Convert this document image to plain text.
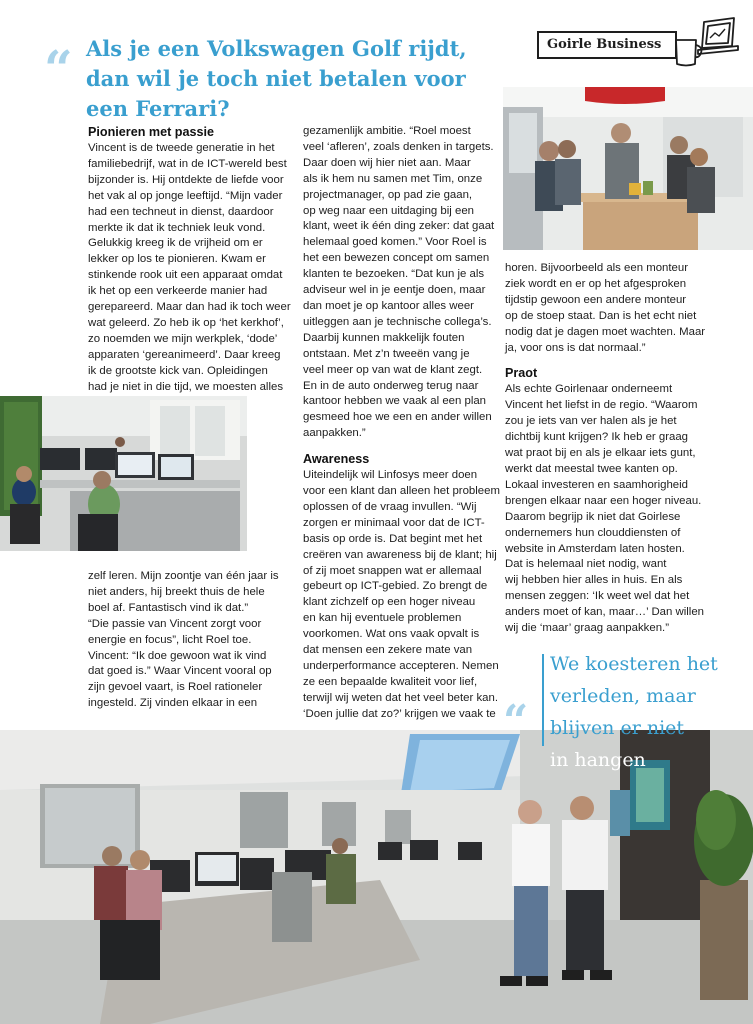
“ Als je een Volkswagen Golf rijdt, dan wil je toch niet betalen voor een Ferrari?
Goirle Business
Pionieren met passie

Vincent is de tweede generatie in het
familiebedrijf, wat in de ICT-wereld best
bijzonder is. Hij ontdekte de liefde voor
het vak al op jonge leeftijd. “Mijn vader
had een techneut in dienst, daardoor
merkte ik dat ik techniek leuk vond.
Gelukkig kreeg ik de vrijheid om er
lekker op los te pionieren. Kwam er
stinkende rook uit een apparaat omdat
ik het op een verkeerde manier had
gerepareerd. Maar dan had ik toch weer
wat geleerd. Zo heb ik op ‘het kerkhof’,
zo noemden we mijn werkplek, ‘dode’
apparaten ‘gereanimeerd’. Daar kreeg
ik de grootste kick van. Opleidingen
had je niet in die tijd, we moesten alles

zelf leren. Mijn zoontje van één jaar is
niet anders, hij breekt thuis de hele
boel af. Fantastisch vind ik dat.”
“Die passie van Vincent zorgt voor
energie en focus”, licht Roel toe.
Vincent: “Ik doe gewoon wat ik vind
dat goed is.” Waar Vincent vooral op
zijn gevoel vaart, is Roel rationeler
ingesteld. Zij vinden elkaar in een

gezamenlijk ambitie. “Roel moest
veel ‘afleren’, zoals denken in targets.
Daar doen wij hier niet aan. Maar
als ik hem nu samen met Tim, onze
projectmanager, op pad zie gaan,
op weg naar een uitdaging bij een
klant, weet ik één ding zeker: dat gaat
helemaal goed komen.” Voor Roel is
het een bewezen concept om samen
klanten te bezoeken. “Dat kun je als
adviseur wel in je eentje doen, maar
dan moet je op kantoor alles weer
uitleggen aan je technische collega’s.
Daarbij kunnen makkelijk fouten
ontstaan. Met z’n tweeën vang je
veel meer op van wat de klant zegt.
En in de auto onderweg terug naar
kantoor hebben we vaak al een plan
gesmeed hoe we een en ander willen
aanpakken.”

Awareness

Uiteindelijk wil Linfosys meer doen
voor een klant dan alleen het probleem
oplossen of de vraag invullen. “Wij
zorgen er minimaal voor dat de ICT-
basis op orde is. Dat begint met het
creëren van awareness bij de klant; hij
of zij moet snappen wat er allemaal
gebeurt op ICT-gebied. Zo brengt de
klant zichzelf op een hoger niveau
en kan hij eventuele problemen
voorkomen. Wat ons vaak opvalt is
dat mensen een zekere mate van
underperformance accepteren. Nemen
ze een bepaalde kwaliteit voor lief,
terwijl wij weten dat het veel beter kan.
‘Doen jullie dat zo?’ krijgen we vaak te

horen. Bijvoorbeeld als een monteur
ziek wordt en er op het afgesproken
tijdstip gewoon een andere monteur
op de stoep staat. Dan is het echt niet
nodig dat je dagen moet wachten. Maar
ja, voor ons is dat normaal.”

Praot

Als echte Goirlenaar onderneemt
Vincent het liefst in de regio. “Waarom
zou je iets van ver halen als je het
dichtbij kunt krijgen? Ik heb er graag
wat praot bij en als je elkaar iets gunt,
werkt dat meestal twee kanten op.
Lokaal investeren en saamhorigheid
brengen elkaar naar een hoger niveau.
Daarom begrijp ik niet dat Goirlese
ondernemers hun clouddiensten of
website in Amsterdam laten hosten.
Dat is helemaal niet nodig, want
wij hebben hier alles in huis. En als
mensen zeggen: ‘Ik weet wel dat het
anders moet of kan, maar…’ Dan willen
wij die ‘maar’ graag aanpakken.”

“
We koesteren het
verleden, maar
blijven er niet
in hangen
